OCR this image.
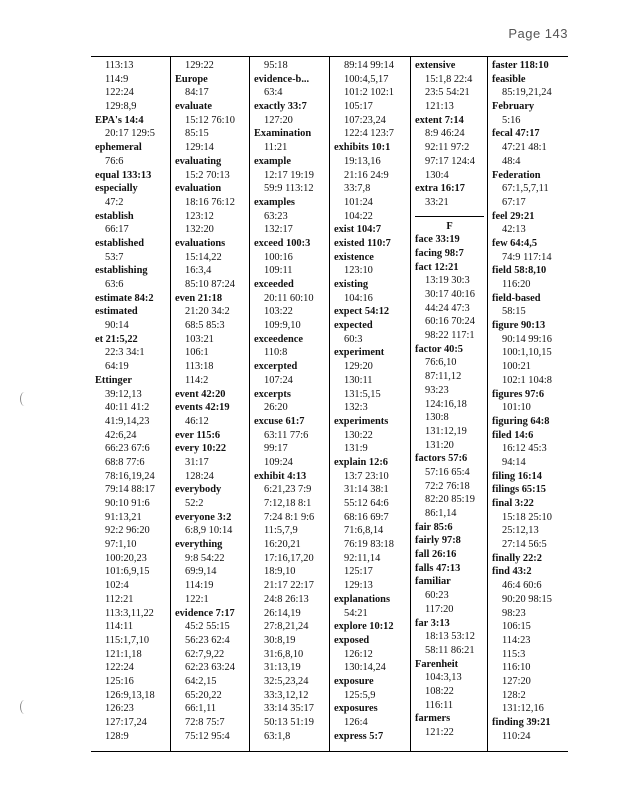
Page 143
113:13
114:9
122:24
129:8,9
EPA's 14:4
20:17 129:5
ephemeral
76:6
equal 133:13
especially
47:2
establish
66:17
established
53:7
establishing
63:6
estimate 84:2
estimated
90:14
et 21:5,22
22:3 34:1
64:19
Ettinger
39:12,13
40:11 41:2
41:9,14,23
42:6,24
66:23 67:6
68:8 77:6
78:16,19,24
79:14 88:17
90:10 91:6
91:13,21
92:2 96:20
97:1,10
100:20,23
101:6,9,15
102:4
112:21
113:3,11,22
114:11
115:1,7,10
121:1,18
122:24
125:16
126:9,13,18
126:23
127:17,24
128:9
129:22
Europe
84:17
evaluate
15:12 76:10
85:15
129:14
evaluating
15:2 70:13
evaluation
18:16 76:12
123:12
132:20
evaluations
15:14,22
16:3,4
85:10 87:24
even 21:18
21:20 34:2
68:5 85:3
103:21
106:1
113:18
114:2
event 42:20
events 42:19
46:12
ever 115:6
every 10:22
31:17
128:24
everybody
52:2
everyone 3:2
6:8,9 10:14
everything
9:8 54:22
69:9,14
114:19
122:1
evidence 7:17
45:2 55:15
56:23 62:4
62:7,9,22
62:23 63:24
64:2,15
65:20,22
66:1,11
72:8 75:7
75:12 95:4
95:18
evidence-b...
63:4
exactly 33:7
127:20
Examination
11:21
example
12:17 19:19
59:9 113:12
examples
63:23
132:17
exceed 100:3
100:16
109:11
exceeded
20:11 60:10
103:22
109:9,10
exceedence
110:8
excerpted
107:24
excerpts
26:20
excuse 61:7
63:11 77:6
99:17
109:24
exhibit 4:13
6:21,23 7:9
7:12,18 8:1
7:24 8:1 9:6
11:5,7,9
16:20,21
17:16,17,20
18:9,10
21:17 22:17
24:8 26:13
26:14,19
27:8,21,24
30:8,19
31:6,8,10
31:13,19
32:5,23,24
33:3,12,12
33:14 35:17
50:13 51:19
63:1,8
89:14 99:14
100:4,5,17
101:2 102:1
105:17
107:23,24
122:4 123:7
exhibits 10:1
19:13,16
21:16 24:9
33:7,8
101:24
104:22
exist 104:7
existed 110:7
existence
123:10
existing
104:16
expect 54:12
expected
60:3
experiment
129:20
130:11
131:5,15
132:3
experiments
130:22
131:9
explain 12:6
13:7 23:10
31:14 38:1
55:12 64:6
68:16 69:7
71:6,8,14
76:19 83:18
92:11,14
125:17
129:13
explanations
54:21
explore 10:12
exposed
126:12
130:14,24
exposure
125:5,9
exposures
126:4
express 5:7
extensive
15:1,8 22:4
23:5 54:21
121:13
extent 7:14
8:9 46:24
92:11 97:2
97:17 124:4
130:4
extra 16:17
33:21
F
face 33:19
facing 98:7
fact 12:21
13:19 30:3
30:17 40:16
44:24 47:3
60:16 70:24
98:22 117:1
factor 40:5
76:6,10
87:11,12
93:23
124:16,18
130:8
131:12,19
131:20
factors 57:6
57:16 65:4
72:2 76:18
82:20 85:19
86:1,14
fair 85:6
fairly 97:8
fall 26:16
falls 47:13
familiar
60:23
117:20
far 3:13
18:13 53:12
58:11 86:21
Farenheit
104:3,13
108:22
116:11
farmers
121:22
faster 118:10
feasible
85:19,21,24
February
5:16
fecal 47:17
47:21 48:1
48:4
Federation
67:1,5,7,11
67:17
feel 29:21
42:13
few 64:4,5
74:9 117:14
field 58:8,10
116:20
field-based
58:15
figure 90:13
90:14 99:16
100:1,10,15
100:21
102:1 104:8
figures 97:6
101:10
figuring 64:8
filed 14:6
16:12 45:3
94:14
filing 16:14
filings 65:15
final 3:22
15:18 25:10
25:12,13
27:14 56:5
finally 22:2
find 43:2
46:4 60:6
90:20 98:15
98:23
106:15
114:23
115:3
116:10
127:20
128:2
131:12,16
finding 39:21
110:24
